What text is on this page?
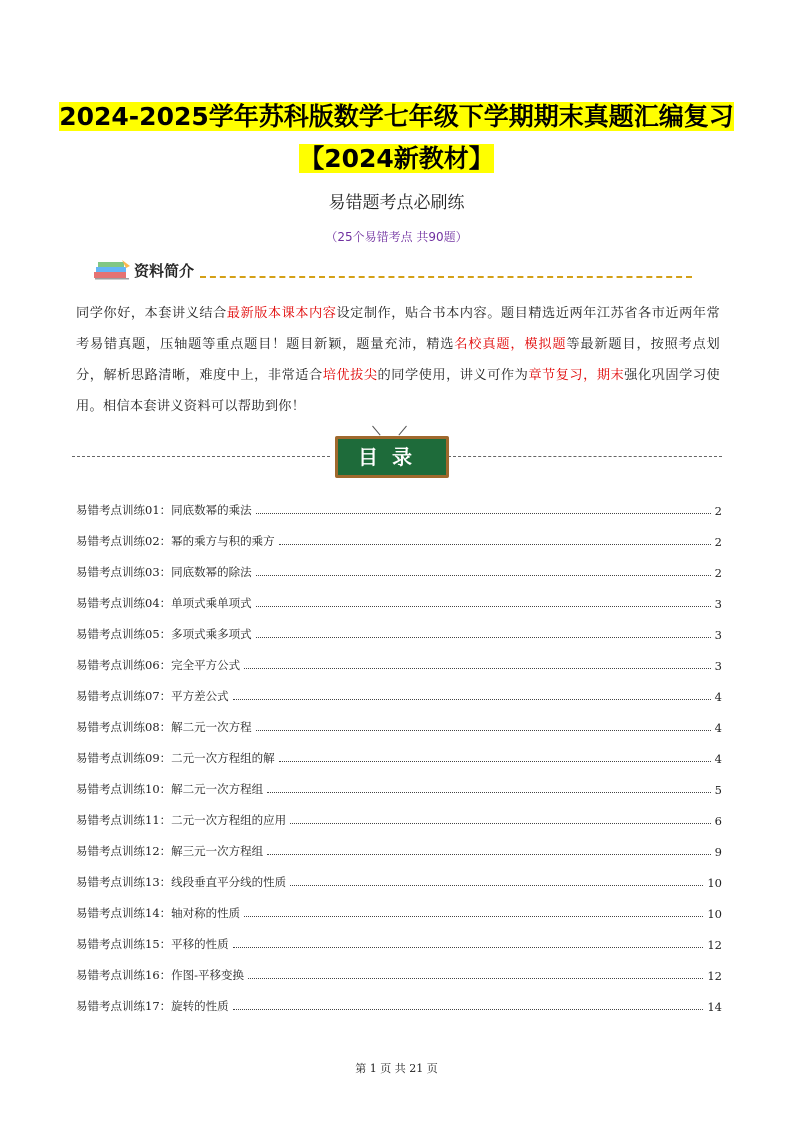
2024-2025学年苏科版数学七年级下学期期末真题汇编复习
【2024新教材】
易错题考点必刷练
（25个易错考点 共90题）
资料简介
同学你好，本套讲义结合最新版本课本内容设定制作，贴合书本内容。题目精选近两年江苏省各市近两年常考易错真题，压轴题等重点题目！题目新颖，题量充沛，精选名校真题，模拟题等最新题目，按照考点划分，解析思路清晰，难度中上，非常适合培优拔尖的同学使用，讲义可作为章节复习，期末强化巩固学习使用。相信本套讲义资料可以帮助到你！
目录
易错考点训练01：同底数幂的乘法	2
易错考点训练02：幂的乘方与积的乘方	2
易错考点训练03：同底数幂的除法	2
易错考点训练04：单项式乘单项式	3
易错考点训练05：多项式乘多项式	3
易错考点训练06：完全平方公式	3
易错考点训练07：平方差公式	4
易错考点训练08：解二元一次方程	4
易错考点训练09：二元一次方程组的解	4
易错考点训练10：解二元一次方程组	5
易错考点训练11：二元一次方程组的应用	6
易错考点训练12：解三元一次方程组	9
易错考点训练13：线段垂直平分线的性质	10
易错考点训练14：轴对称的性质	10
易错考点训练15：平移的性质	12
易错考点训练16：作图-平移变换	12
易错考点训练17：旋转的性质	14
第 1 页 共 21 页
